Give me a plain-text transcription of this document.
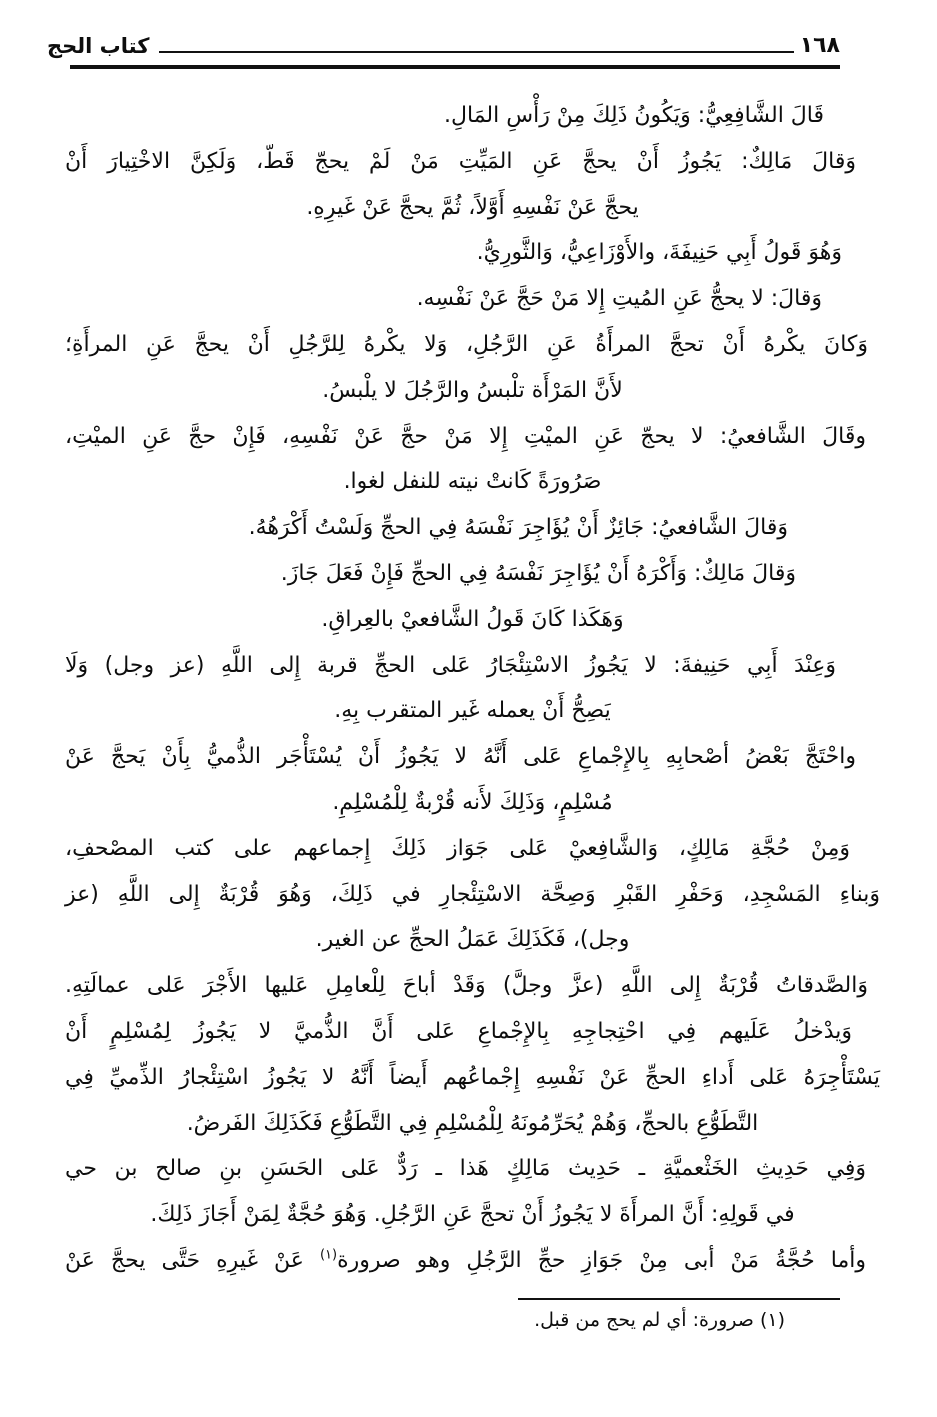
كتاب الحج	١٦٨
قَالَ الشَّافِعِيُّ: وَيَكُونُ ذَلِكَ مِنْ رَأْسِ المَالِ.
وَقالَ مَالِكٌ: يَجُوزُ أَنْ يحجَّ عَنِ المَيِّتِ مَنْ لَمْ يحجّ قَطّ، وَلَكِنَّ الاخْتِيارَ أَنْ
يحجَّ عَنْ نَفْسِهِ أَوَّلاً، ثُمَّ يحجَّ عَنْ غَيرِهِ.
وَهُوَ قَولُ أَبِي حَنِيفَةَ، والأَوْزَاعِيُّ، وَالثَّورِيُّ.
وَقالَ: لا يحجُّ عَنِ المُيتِ إِلا مَنْ حَجَّ عَنْ نَفْسِه.
وَكانَ يكْرهُ أَنْ تحجَّ المرأَةُ عَنِ الرَّجُلِ، وَلا يكْرهُ لِلرَّجُلِ أَنْ يحجَّ عَنِ المرأَةِ؛
لأَنَّ المَرْأَة تلْبسُ والرَّجُلَ لا يلْبسُ.
وقَالَ الشَّافعيُ: لا يحجّ عَنِ الميْتِ إِلا مَنْ حجَّ عَنْ نَفْسِهِ، فَإِنْ حجَّ عَنِ الميْتِ،
صَرُورَةً كَانتْ نيته للنفل لغوا.
وَقالَ الشَّافعيُ: جَائِزٌ أَنْ يُؤَاجِرَ نَفْسَهُ فِي الحجِّ وَلَسْتُ أَكْرَهُهُ.
وَقالَ مَالِكٌ: وَأَكْرَهُ أَنْ يُؤَاجِرَ نَفْسَهُ فِي الحجِّ فَإِنْ فَعَلَ جَازَ.
وَهَكَذا كَانَ قَولُ الشَّافعيْ بالعِراقِ.
وَعِنْدَ أَبِي حَنِيفةَ: لا يَجُوزُ الاسْتِئْجَارُ عَلى الحجِّ قربة إِلى اللَّهِ (عز وجل) وَلَا
يَصِحُّ أَنْ يعمله غَير المتقرب بِهِ.
واحْتَجَّ بَعْضُ أصْحابِهِ بِالإِجْماعِ عَلى أَنَّهُ لا يَجُوزُ أَنْ يُسْتَأْجَر الذُّميُّ بِأَنْ يَحجَّ عَنْ
مُسْلِمٍ، وَذَلِكَ لأَنه قُرْبةٌ لِلْمُسْلِمِ.
وَمِنْ حُجَّةِ مَالِكٍ، وَالشَّافِعيْ عَلى جَوَاز ذَلِكَ إِجماعهم على كتب المصْحفِ،
وَبناءِ المَسْجِدِ، وَحَفْرِ القَبْرِ وَصِحَّة الاسْتِئْجارِ في ذَلِكَ، وَهُوَ قُرْبَةٌ إِلى اللَّهِ (عز
وجل)، فَكَذَلِكَ عَمَلُ الحجِّ عن الغير.
وَالصَّدقاتُ قُرْبَةٌ إِلى اللَّهِ (عزَّ وجلَّ) وَقَدْ أباحَ لِلْعامِلِ عَليها الأَجْرَ عَلى عمالَتِهِ.
وَيدْخلُ عَلَيهم فِي احْتِجاجِهِ بِالإِجْماعِ عَلى أَنَّ الذُّميَّ لا يَجُوزُ لِمُسْلِمٍ أَنْ
يَسْتَأْجِرَهُ عَلى أَداءِ الحجِّ عَنْ نَفْسِهِ إِجْماعُهم أَيضاً أَنَّهُ لا يَجُوزُ اسْتِئْجارُ الذِّميِّ فِي
التَّطَوُّعِ بالحجِّ، وَهُمْ يُحَرِّمُونَهُ لِلْمُسْلِمِ فِي التَّطَوُّعِ فَكَذَلِكَ الفَرضُ.
وَفِي حَدِيثِ الخَثْعميَّةِ ـ حَدِيث مَالِكٍ هَذا ـ رَدٌّ عَلى الحَسَنِ بنِ صالح بن حي
في قَولِهِ: أَنَّ المرأَةَ لا يَجُوزُ أَنْ تحجَّ عَنِ الرَّجُلِ. وَهُوَ حُجَّةٌ لِمَنْ أَجَازَ ذَلِكَ.
وأما حُجَّةُ مَنْ أبى مِنْ جَوَازِ حجِّ الرَّجُلِ وهو صرورة$^{(١)}$ عَنْ غَيرِهِ حَتَّى يحجَّ عَنْ
(١) صرورة: أي لم يحج من قبل.
